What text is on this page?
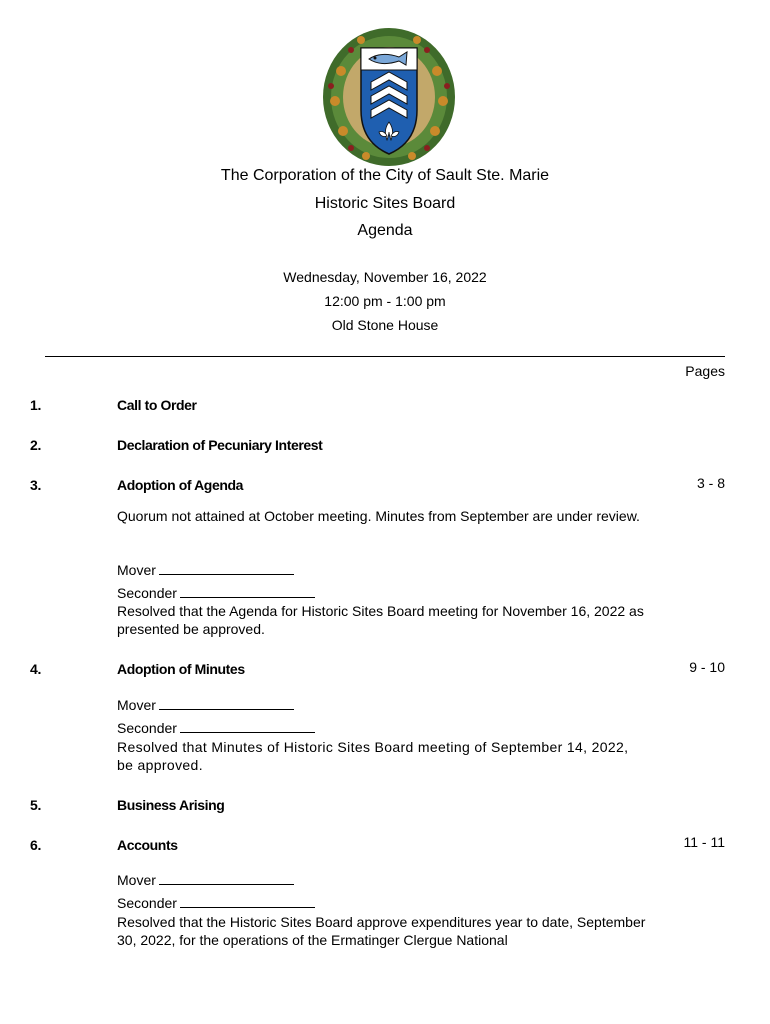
The Corporation of the City of Sault Ste. Marie
Historic Sites Board
Agenda
Wednesday, November 16, 2022
12:00 pm - 1:00 pm
Old Stone House
Pages
1.	Call to Order
2.	Declaration of Pecuniary Interest
3.	Adoption of Agenda	3 - 8
Quorum not attained at October meeting. Minutes from September are under review.
Mover
Seconder
Resolved that the Agenda for Historic Sites Board meeting for November 16, 2022 as presented be approved.
4.	Adoption of Minutes	9 - 10
Mover
Seconder
Resolved that Minutes of Historic Sites Board meeting of September 14, 2022, be approved.
5.	Business Arising
6.	Accounts	11 - 11
Mover
Seconder
Resolved that the Historic Sites Board approve expenditures year to date, September 30, 2022, for the operations of the Ermatinger Clergue National
